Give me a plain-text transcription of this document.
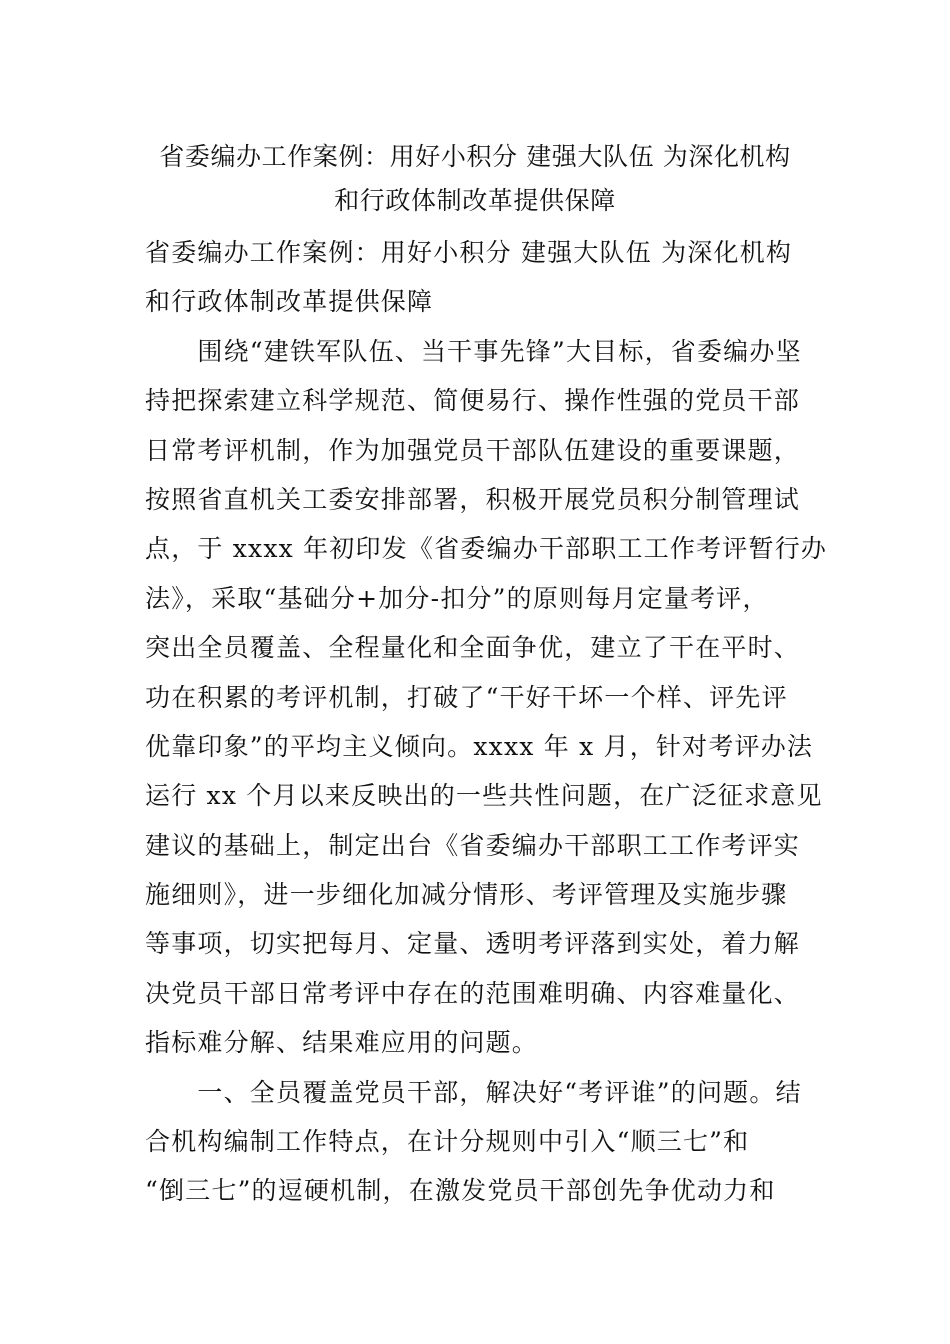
省委编办工作案例：用好小积分 建强大队伍 为深化机构
和行政体制改革提供保障
省委编办工作案例：用好小积分 建强大队伍 为深化机构
和行政体制改革提供保障
　　围绕“建铁军队伍、当干事先锋”大目标，省委编办坚
持把探索建立科学规范、简便易行、操作性强的党员干部
日常考评机制，作为加强党员干部队伍建设的重要课题，
按照省直机关工委安排部署，积极开展党员积分制管理试
点，于 xxxx 年初印发《省委编办干部职工工作考评暂行办
法》，采取“基础分+加分-扣分”的原则每月定量考评，
突出全员覆盖、全程量化和全面争优，建立了干在平时、
功在积累的考评机制，打破了“干好干坏一个样、评先评
优靠印象”的平均主义倾向。xxxx 年 x 月，针对考评办法
运行 xx 个月以来反映出的一些共性问题，在广泛征求意见
建议的基础上，制定出台《省委编办干部职工工作考评实
施细则》，进一步细化加减分情形、考评管理及实施步骤
等事项，切实把每月、定量、透明考评落到实处，着力解
决党员干部日常考评中存在的范围难明确、内容难量化、
指标难分解、结果难应用的问题。
　　一、全员覆盖党员干部，解决好“考评谁”的问题。结
合机构编制工作特点，在计分规则中引入“顺三七”和
“倒三七”的逗硬机制，在激发党员干部创先争优动力和
